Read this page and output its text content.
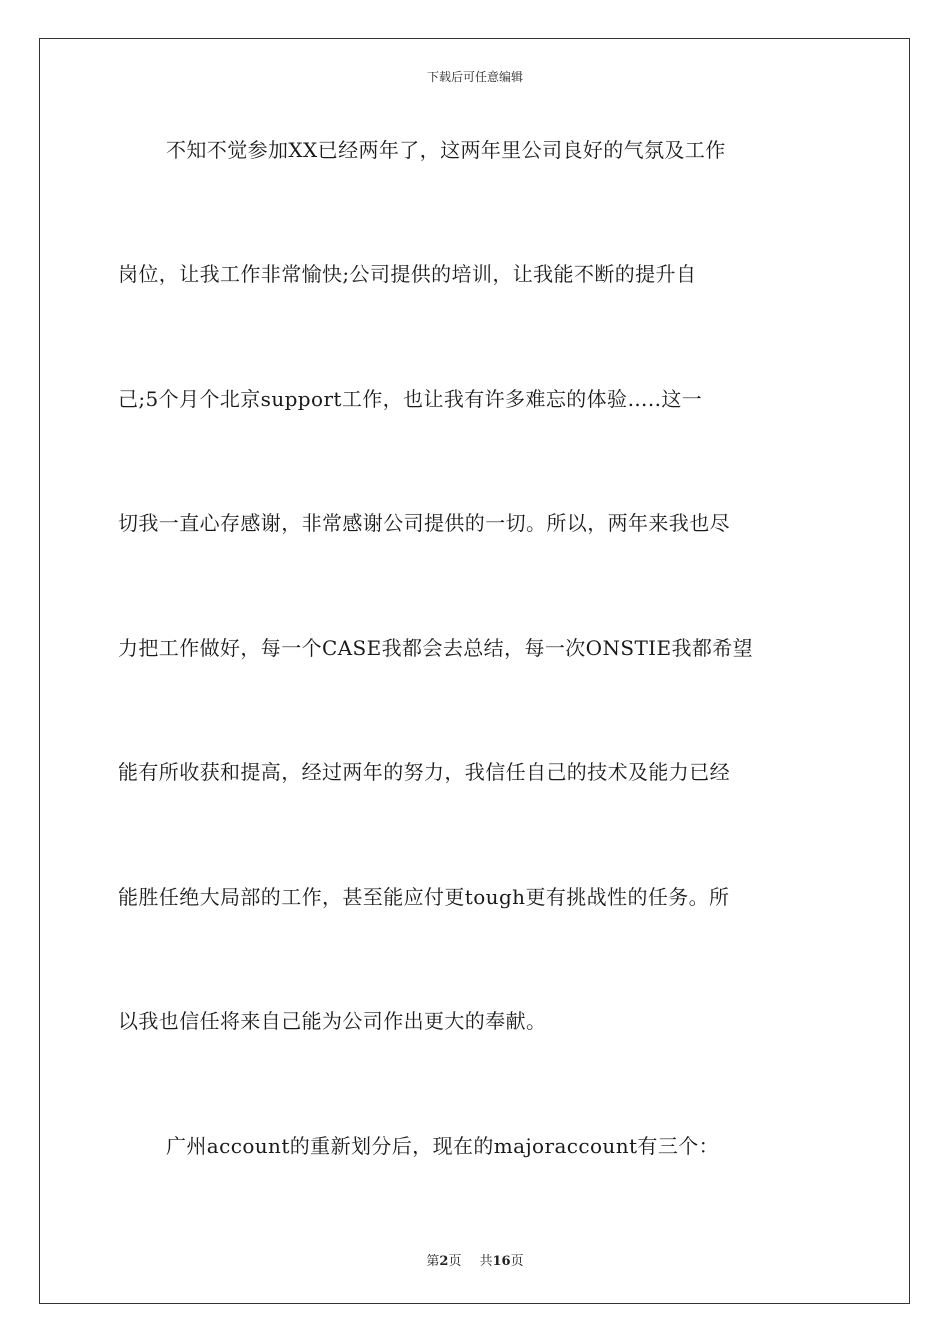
下载后可任意编辑
不知不觉参加XX已经两年了，这两年里公司良好的气氛及工作
岗位，让我工作非常愉快;公司提供的培训，让我能不断的提升自
己;5个月个北京support工作，也让我有许多难忘的体验…..这一
切我一直心存感谢，非常感谢公司提供的一切。所以，两年来我也尽
力把工作做好，每一个CASE我都会去总结，每一次ONSTIE我都希望
能有所收获和提高，经过两年的努力，我信任自己的技术及能力已经
能胜任绝大局部的工作，甚至能应付更tough更有挑战性的任务。所
以我也信任将来自己能为公司作出更大的奉献。
广州account的重新划分后，现在的majoraccount有三个：
第2页 共16页
